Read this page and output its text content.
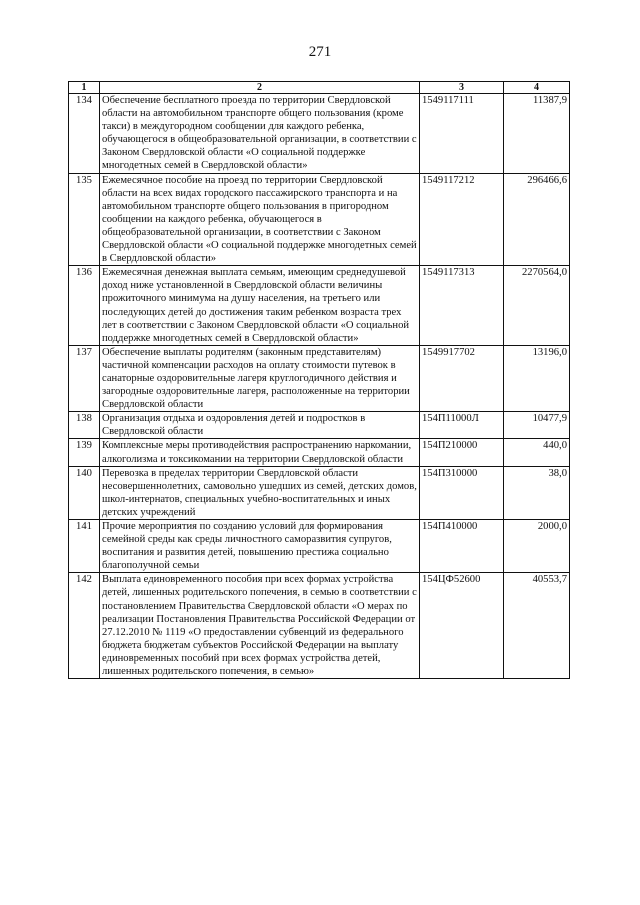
271
1	2	3	4
134	Обеспечение бесплатного проезда по территории Свердловской области на автомобильном транспорте общего пользования (кроме такси) в междугородном сообщении для каждого ребенка, обучающегося в общеобразовательной организации, в соответствии с Законом Свердловской области «О социальной поддержке многодетных семей в Свердловской области»	1549117111	11387,9
135	Ежемесячное пособие на проезд по территории Свердловской области на всех видах городского пассажирского транспорта и на автомобильном транспорте общего пользования в пригородном сообщении на каждого ребенка, обучающегося в общеобразовательной организации, в соответствии с Законом Свердловской области «О социальной поддержке многодетных семей в Свердловской области»	1549117212	296466,6
136	Ежемесячная денежная выплата семьям, имеющим среднедушевой доход ниже установленной в Свердловской области величины прожиточного минимума на душу населения, на третьего или последующих детей до достижения таким ребенком возраста трех лет в соответствии с Законом Свердловской области «О социальной поддержке многодетных семей в Свердловской области»	1549117313	2270564,0
137	Обеспечение выплаты родителям (законным представителям) частичной компенсации расходов на оплату стоимости путевок в санаторные оздоровительные лагеря круглогодичного действия и загородные оздоровительные лагеря, расположенные на территории Свердловской области	1549917702	13196,0
138	Организация отдыха и оздоровления детей и подростков в Свердловской области	154П11000Л	10477,9
139	Комплексные меры противодействия распространению наркомании, алкоголизма и токсикомании на территории Свердловской области	154П210000	440,0
140	Перевозка в пределах территории Свердловской области несовершеннолетних, самовольно ушедших из семей, детских домов, школ-интернатов, специальных учебно-воспитательных и иных детских учреждений	154П310000	38,0
141	Прочие мероприятия по созданию условий для формирования семейной среды как среды личностного саморазвития супругов, воспитания и развития детей, повышению престижа социально благополучной семьи	154П410000	2000,0
142	Выплата единовременного пособия при всех формах устройства детей, лишенных родительского попечения, в семью в соответствии с постановлением Правительства Свердловской области «О мерах по реализации Постановления Правительства Российской Федерации от 27.12.2010 № 1119 «О предоставлении субвенций из федерального бюджета бюджетам субъектов Российской Федерации на выплату единовременных пособий при всех формах устройства детей, лишенных родительского попечения, в семью»	154ЦФ52600	40553,7
